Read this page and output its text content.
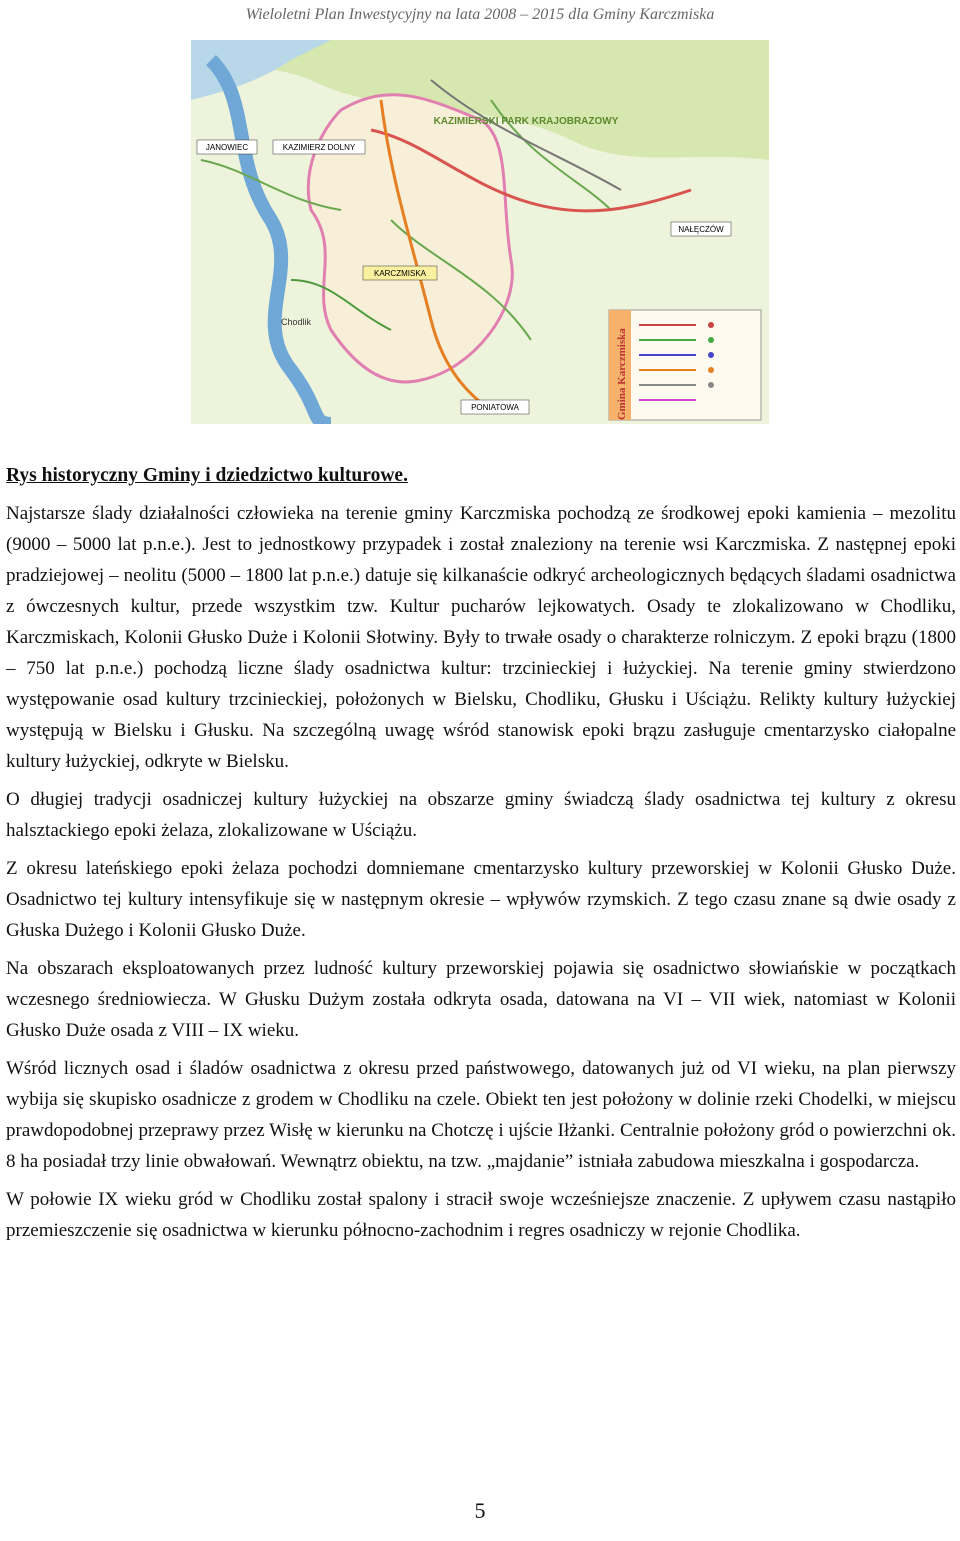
Wieloletni Plan Inwestycyjny na lata 2008 – 2015 dla Gminy Karczmiska
JANOWIEC	KAZIMIERZ DOLNY
KAZIMIERSKI PARK KRAJOBRAZOWY
NAŁĘCZÓW
KARCZMISKA
Chodlik
PONIATOWA	Gmina Karczmiska

Rys historyczny Gminy i dziedzictwo kulturowe.

Najstarsze ślady działalności człowieka na terenie gminy Karczmiska pochodzą ze środkowej epoki kamienia – mezolitu (9000 – 5000 lat p.n.e.). Jest to jednostkowy przypadek i został znaleziony na terenie wsi Karczmiska. Z następnej epoki pradziejowej – neolitu (5000 – 1800 lat p.n.e.) datuje się kilkanaście odkryć archeologicznych będących śladami osadnictwa z ówczesnych kultur, przede wszystkim tzw. Kultur pucharów lejkowatych. Osady te zlokalizowano w Chodliku, Karczmiskach, Kolonii Głusko Duże i Kolonii Słotwiny. Były to trwałe osady o charakterze rolniczym. Z epoki brązu (1800 – 750 lat p.n.e.) pochodzą liczne ślady osadnictwa kultur: trzcinieckiej i łużyckiej. Na terenie gminy stwierdzono występowanie osad kultury trzcinieckiej, położonych w Bielsku, Chodliku, Głusku i Uściążu. Relikty kultury łużyckiej występują w Bielsku i Głusku. Na szczególną uwagę wśród stanowisk epoki brązu zasługuje cmentarzysko ciałopalne kultury łużyckiej, odkryte w Bielsku.

O długiej tradycji osadniczej kultury łużyckiej na obszarze gminy świadczą ślady osadnictwa tej kultury z okresu halsztackiego epoki żelaza, zlokalizowane w Uściążu.

Z okresu lateńskiego epoki żelaza pochodzi domniemane cmentarzysko kultury przeworskiej w Kolonii Głusko Duże. Osadnictwo tej kultury intensyfikuje się w następnym okresie – wpływów rzymskich. Z tego czasu znane są dwie osady z Głuska Dużego i Kolonii Głusko Duże.

Na obszarach eksploatowanych przez ludność kultury przeworskiej pojawia się osadnictwo słowiańskie w początkach wczesnego średniowiecza. W Głusku Dużym została odkryta osada, datowana na VI – VII wiek, natomiast w Kolonii Głusko Duże osada z VIII – IX wieku.

Wśród licznych osad i śladów osadnictwa z okresu przed państwowego, datowanych już od VI wieku, na plan pierwszy wybija się skupisko osadnicze z grodem w Chodliku na czele. Obiekt ten jest położony w dolinie rzeki Chodelki, w miejscu prawdopodobnej przeprawy przez Wisłę w kierunku na Chotczę i ujście Iłżanki. Centralnie położony gród o powierzchni ok. 8 ha posiadał trzy linie obwałowań. Wewnątrz obiektu, na tzw. „majdanie” istniała zabudowa mieszkalna i gospodarcza.

W połowie IX wieku gród w Chodliku został spalony i stracił swoje wcześniejsze znaczenie. Z upływem czasu nastąpiło przemieszczenie się osadnictwa w kierunku północno-zachodnim i regres osadniczy w rejonie Chodlika.

5
